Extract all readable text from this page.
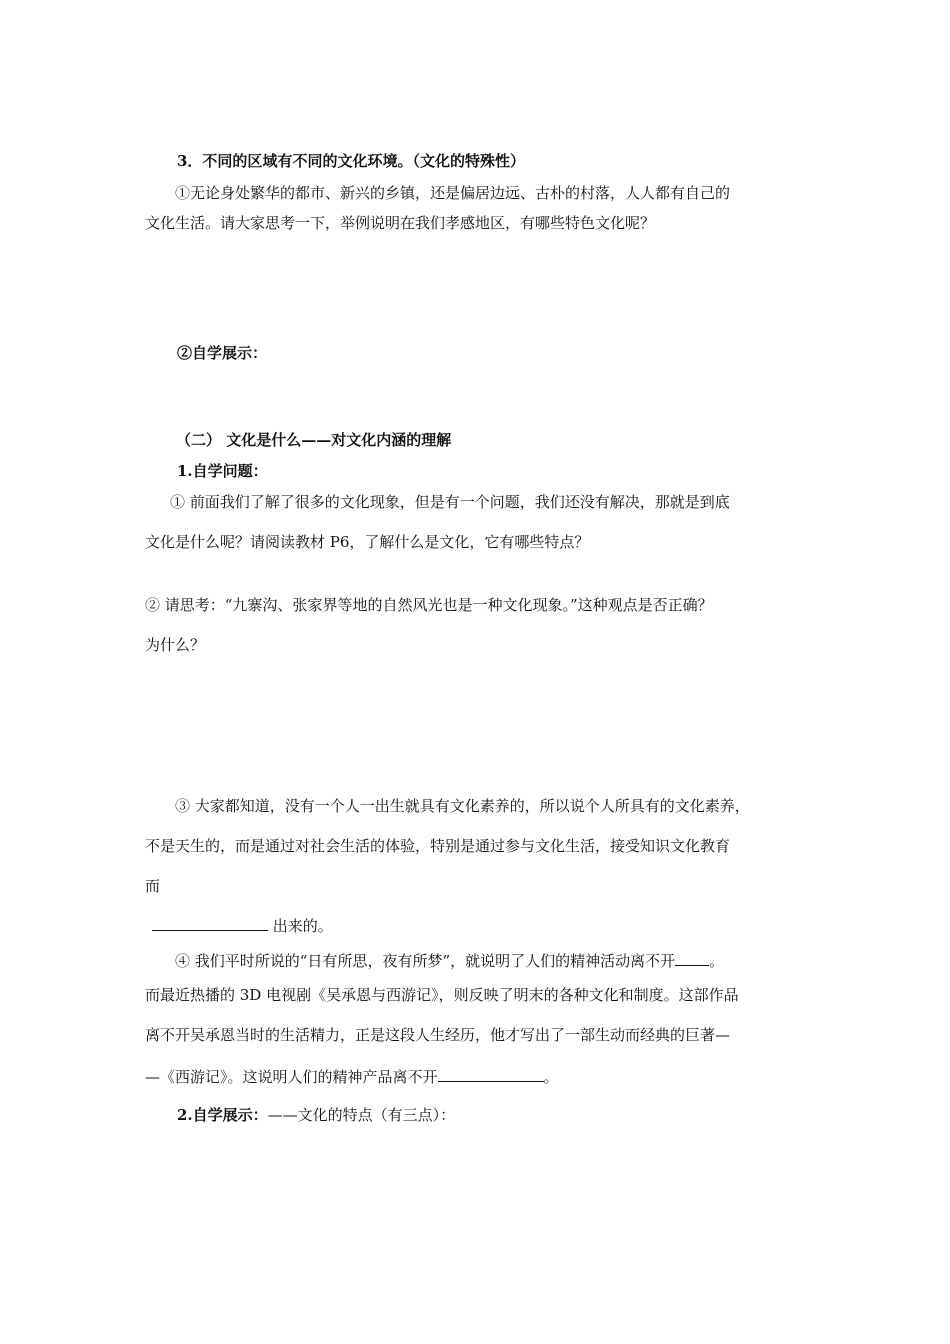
3．不同的区域有不同的文化环境。（文化的特殊性）
①无论身处繁华的都市、新兴的乡镇，还是偏居边远、古朴的村落，人人都有自己的
文化生活。请大家思考一下，举例说明在我们孝感地区，有哪些特色文化呢？
②自学展示：
（二） 文化是什么——对文化内涵的理解
1.自学问题：
① 前面我们了解了很多的文化现象，但是有一个问题，我们还没有解决，那就是到底
文化是什么呢？请阅读教材 P6，了解什么是文化，它有哪些特点？
② 请思考：“九寨沟、张家界等地的自然风光也是一种文化现象。”这种观点是否正确？
为什么？
③ 大家都知道，没有一个人一出生就具有文化素养的，所以说个人所具有的文化素养，
不是天生的，而是通过对社会生活的体验，特别是通过参与文化生活，接受知识文化教育
而
出来的。
④ 我们平时所说的“日有所思，夜有所梦”，就说明了人们的精神活动离不开 。
而最近热播的 3D 电视剧《吴承恩与西游记》，则反映了明末的各种文化和制度。这部作品
离不开吴承恩当时的生活精力，正是这段人生经历，他才写出了一部生动而经典的巨著—
—《西游记》。这说明人们的精神产品离不开	。
2.自学展示：——文化的特点（有三点）：
